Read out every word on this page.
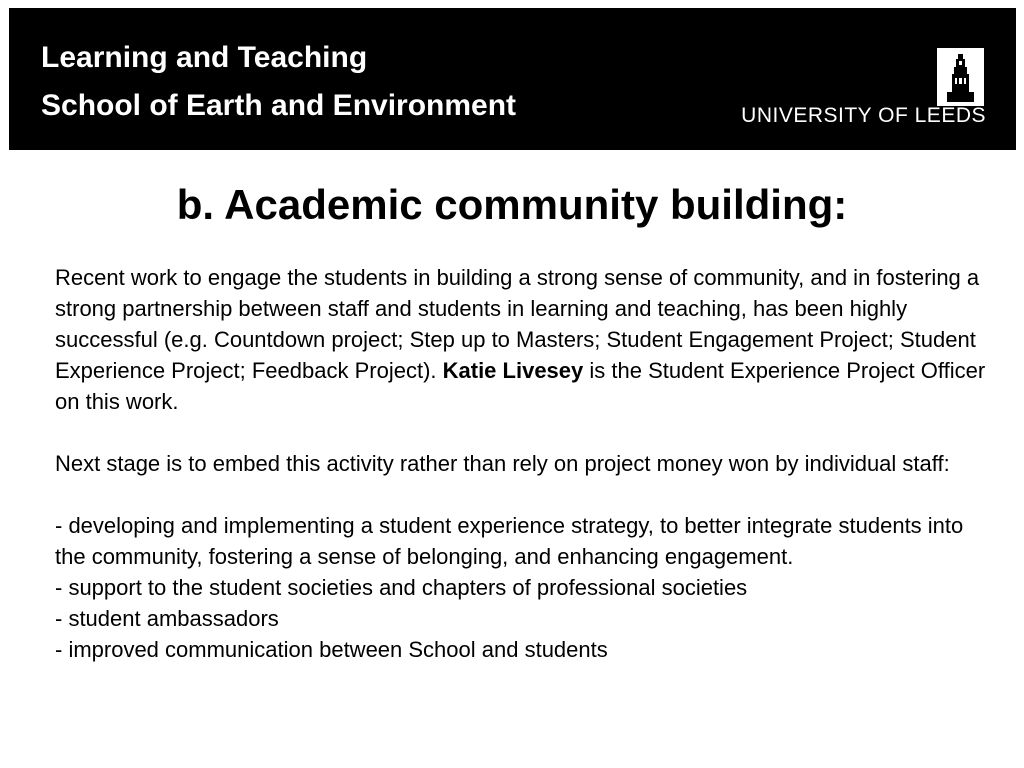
Learning and Teaching
School of Earth and Environment	UNIVERSITY OF LEEDS
b. Academic community building:

Recent work to engage the students in building a strong sense of community, and in fostering a strong partnership between staff and students in learning and teaching, has been highly successful (e.g. Countdown project; Step up to Masters; Student Engagement Project; Student Experience Project; Feedback Project). Katie Livesey is the Student Experience Project Officer on this work.

Next stage is to embed this activity rather than rely on project money won by individual staff:

- developing and implementing a student experience strategy, to better integrate students into the community, fostering a sense of belonging, and enhancing engagement.

- support to the student societies and chapters of professional societies

- student ambassadors

- improved communication between School and students
